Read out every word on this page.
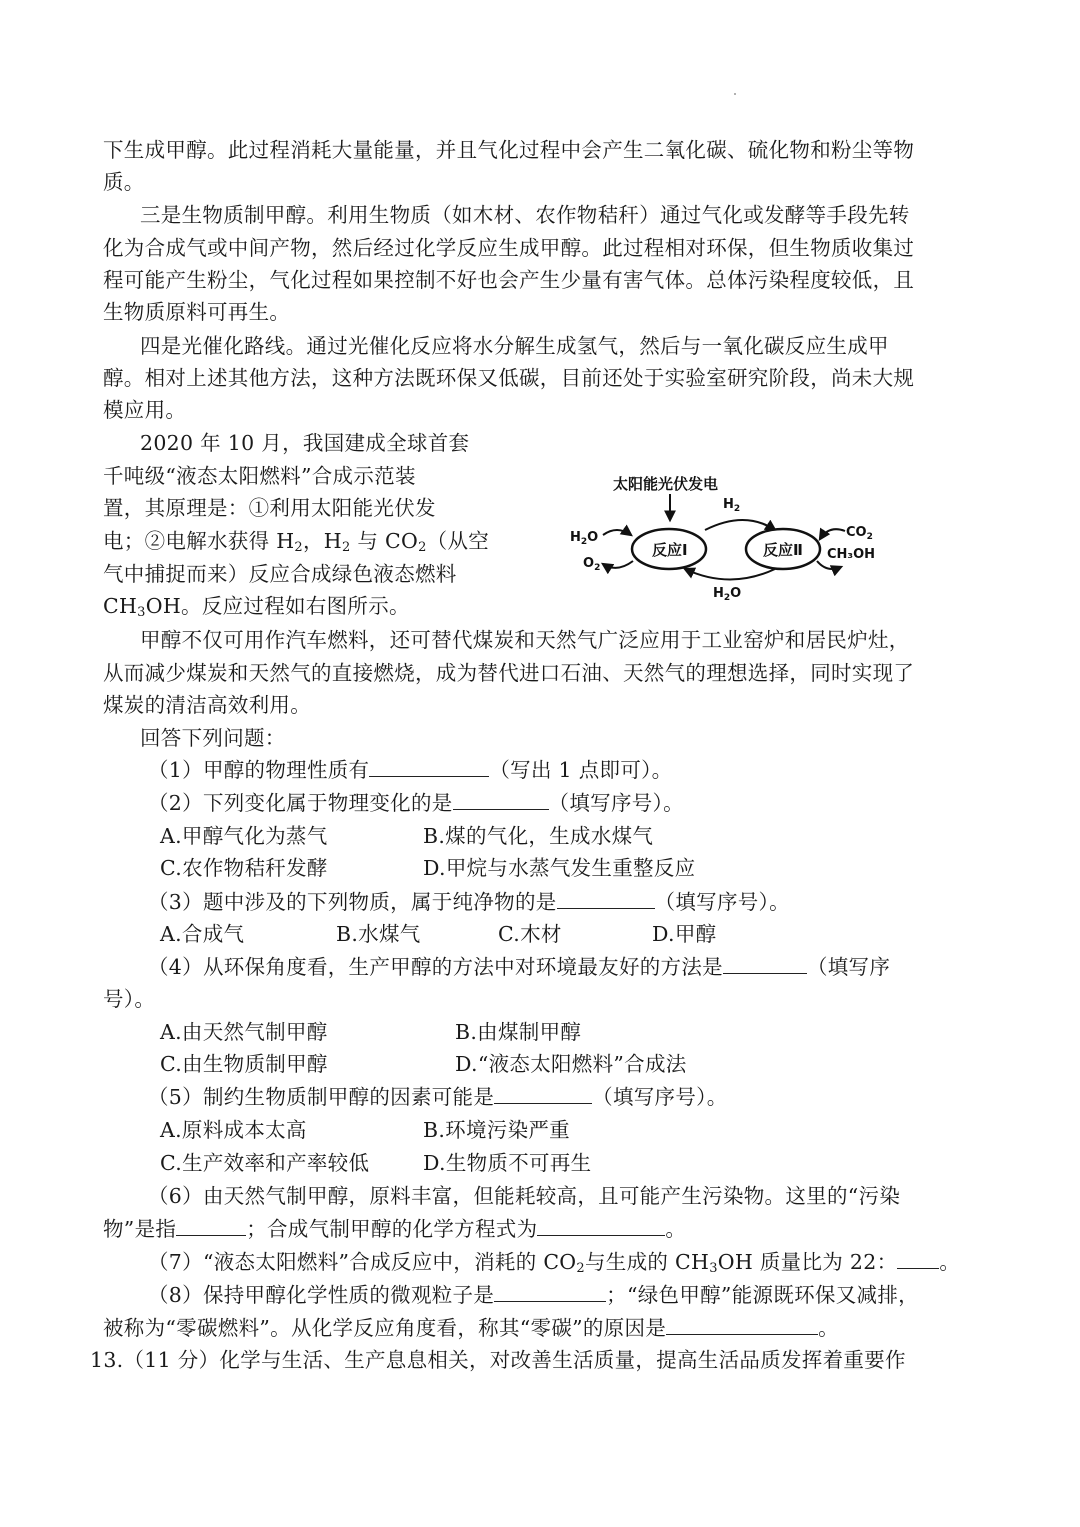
下生成甲醇。此过程消耗大量能量，并且气化过程中会产生二氧化碳、硫化物和粉尘等物
质。
三是生物质制甲醇。利用生物质（如木材、农作物秸秆）通过气化或发酵等手段先转
化为合成气或中间产物，然后经过化学反应生成甲醇。此过程相对环保，但生物质收集过
程可能产生粉尘，气化过程如果控制不好也会产生少量有害气体。总体污染程度较低，且
生物质原料可再生。
四是光催化路线。通过光催化反应将水分解生成氢气，然后与一氧化碳反应生成甲
醇。相对上述其他方法，这种方法既环保又低碳，目前还处于实验室研究阶段，尚未大规
模应用。
2020 年 10 月，我国建成全球首套
千吨级“液态太阳燃料”合成示范装
置，其原理是：①利用太阳能光伏发
电；②电解水获得 $H_2$，$H_2$ 与 $CO_2$（从空
气中捕捉而来）反应合成绿色液态燃料
$CH_3OH$。反应过程如右图所示。
太阳能光伏发电
$H_2$
反应Ⅰ	反应Ⅱ
$H_2O$
$H_2O$
$O_2$
$CO_2$
CH₃OH
甲醇不仅可用作汽车燃料，还可替代煤炭和天然气广泛应用于工业窑炉和居民炉灶，
从而减少煤炭和天然气的直接燃烧，成为替代进口石油、天然气的理想选择，同时实现了
煤炭的清洁高效利用。
回答下列问题：
（1）甲醇的物理性质有	（写出 1 点即可）。
（2）下列变化属于物理变化的是	（填写序号）。
A.甲醇气化为蒸气	B.煤的气化，生成水煤气
C.农作物秸秆发酵	D.甲烷与水蒸气发生重整反应
（3）题中涉及的下列物质，属于纯净物的是	（填写序号）。
A.合成气	B.水煤气	C.木材	D.甲醇
（4）从环保角度看，生产甲醇的方法中对环境最友好的方法是	（填写序
号）。
A.由天然气制甲醇	B.由煤制甲醇
C.由生物质制甲醇	D.“液态太阳燃料”合成法
（5）制约生物质制甲醇的因素可能是	（填写序号）。
A.原料成本太高	B.环境污染严重
C.生产效率和产率较低	D.生物质不可再生
（6）由天然气制甲醇，原料丰富，但能耗较高，且可能产生污染物。这里的“污染
物”是指	；合成气制甲醇的化学方程式为	。
（7）“液态太阳燃料”合成反应中，消耗的 $CO_2$与生成的 $CH_3OH$ 质量比为 22： 。
（8）保持甲醇化学性质的微观粒子是	；“绿色甲醇”能源既环保又减排，
被称为“零碳燃料”。从化学反应角度看，称其“零碳”的原因是	。
13.（11 分）化学与生活、生产息息相关，对改善生活质量，提高生活品质发挥着重要作
